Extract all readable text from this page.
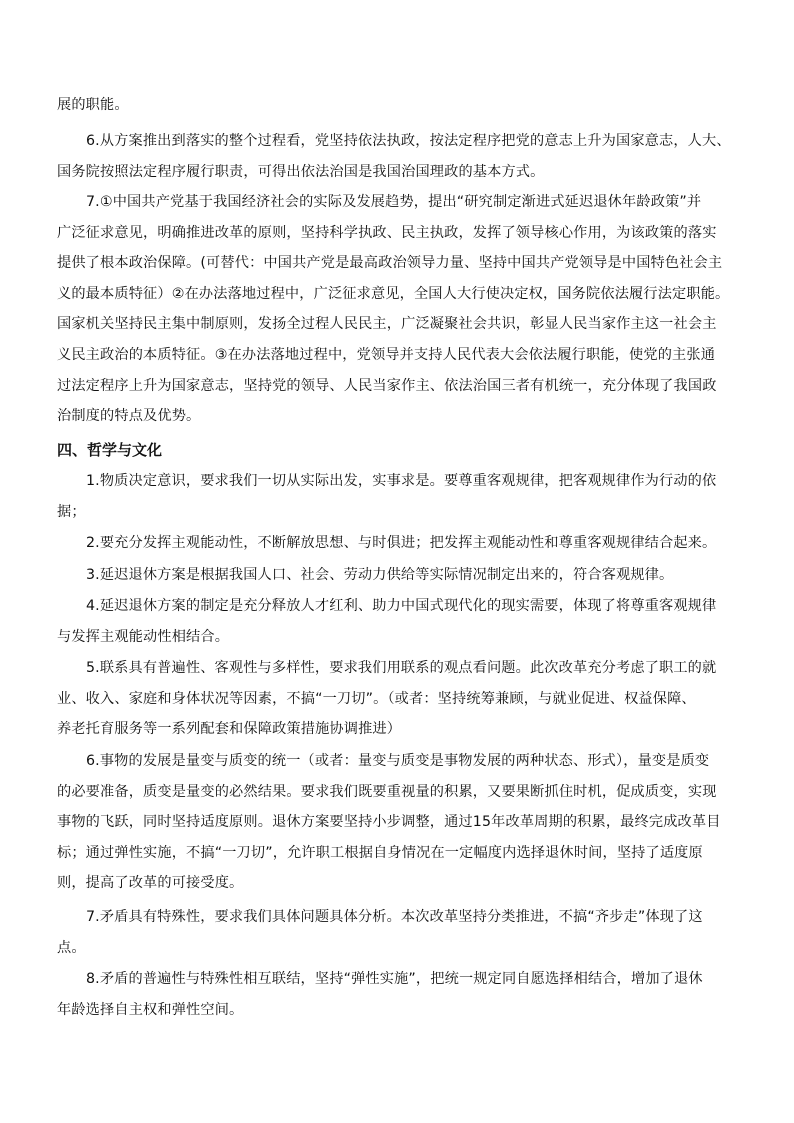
展的职能。
6.从方案推出到落实的整个过程看，党坚持依法执政，按法定程序把党的意志上升为国家意志，人大、
国务院按照法定程序履行职责，可得出依法治国是我国治国理政的基本方式。
7.①中国共产党基于我国经济社会的实际及发展趋势，提出“研究制定渐进式延迟退休年龄政策”并
广泛征求意见，明确推进改革的原则，坚持科学执政、民主执政，发挥了领导核心作用，为该政策的落实
提供了根本政治保障。(可替代：中国共产党是最高政治领导力量、坚持中国共产党领导是中国特色社会主
义的最本质特征）②在办法落地过程中，广泛征求意见，全国人大行使决定权，国务院依法履行法定职能。
国家机关坚持民主集中制原则，发扬全过程人民民主，广泛凝聚社会共识，彰显人民当家作主这一社会主
义民主政治的本质特征。③在办法落地过程中，党领导并支持人民代表大会依法履行职能，使党的主张通
过法定程序上升为国家意志，坚持党的领导、人民当家作主、依法治国三者有机统一，充分体现了我国政
治制度的特点及优势。
四、哲学与文化
1.物质决定意识，要求我们一切从实际出发，实事求是。要尊重客观规律，把客观规律作为行动的依
据；
2.要充分发挥主观能动性，不断解放思想、与时俱进；把发挥主观能动性和尊重客观规律结合起来。
3.延迟退休方案是根据我国人口、社会、劳动力供给等实际情况制定出来的，符合客观规律。
4.延迟退休方案的制定是充分释放人才红利、助力中国式现代化的现实需要，体现了将尊重客观规律
与发挥主观能动性相结合。
5.联系具有普遍性、客观性与多样性，要求我们用联系的观点看问题。此次改革充分考虑了职工的就
业、收入、家庭和身体状况等因素，不搞“一刀切”。（或者：坚持统筹兼顾，与就业促进、权益保障、
养老托育服务等一系列配套和保障政策措施协调推进）
6.事物的发展是量变与质变的统一（或者：量变与质变是事物发展的两种状态、形式），量变是质变
的必要准备，质变是量变的必然结果。要求我们既要重视量的积累，又要果断抓住时机，促成质变，实现
事物的飞跃，同时坚持适度原则。退休方案要坚持小步调整，通过15年改革周期的积累，最终完成改革目
标；通过弹性实施，不搞“一刀切”，允许职工根据自身情况在一定幅度内选择退休时间，坚持了适度原
则，提高了改革的可接受度。
7.矛盾具有特殊性，要求我们具体问题具体分析。本次改革坚持分类推进，不搞“齐步走”体现了这
点。
8.矛盾的普遍性与特殊性相互联结，坚持“弹性实施”，把统一规定同自愿选择相结合，增加了退休
年龄选择自主权和弹性空间。
